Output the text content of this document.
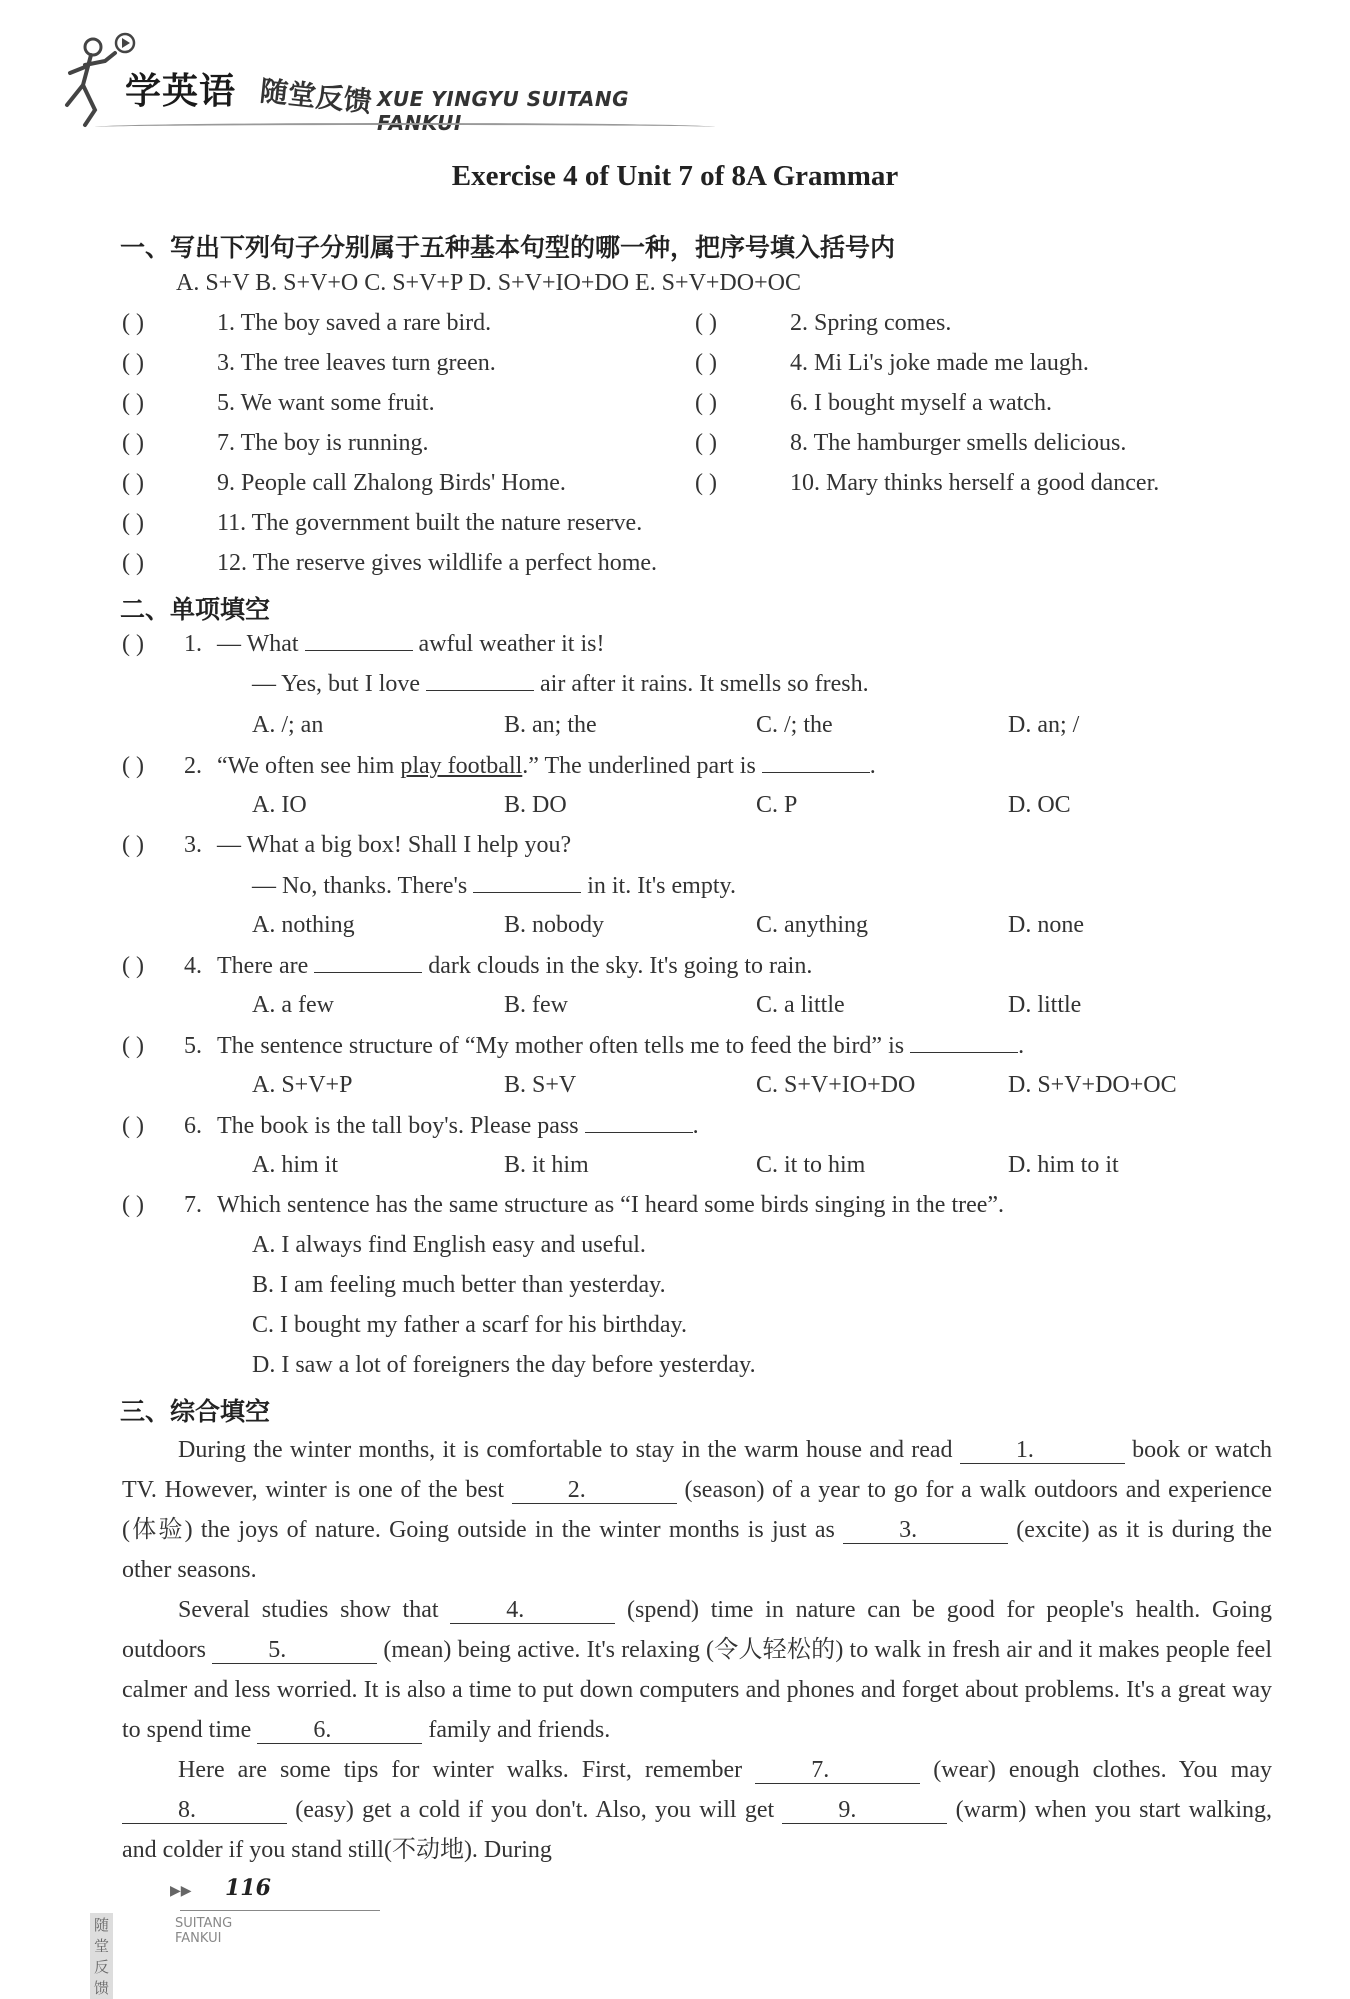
学英语 随堂反馈 XUE YINGYU SUITANG FANKUI
Exercise 4 of Unit 7 of 8A Grammar
一、写出下列句子分别属于五种基本句型的哪一种，把序号填入括号内
A. S+V B. S+V+O C. S+V+P D. S+V+IO+DO E. S+V+DO+OC
( )	1. The boy saved a rare bird.	( )	2. Spring comes.
( )	3. The tree leaves turn green.	( )	4. Mi Li's joke made me laugh.
( )	5. We want some fruit.	( )	6. I bought myself a watch.
( )	7. The boy is running.	( )	8. The hamburger smells delicious.
( )	9. People call Zhalong Birds' Home.	( )	10. Mary thinks herself a good dancer.
( )	11. The government built the nature reserve.
( )	12. The reserve gives wildlife a perfect home.
二、单项填空
( ) 1. — What	awful weather it is!
— Yes, but I love	air after it rains. It smells so fresh.
A. /; an	B. an; the	C. /; the	D. an; /
( ) 2. “We often see him play football.” The underlined part is	.
A. IO	B. DO	C. P	D. OC
( ) 3. — What a big box! Shall I help you?
— No, thanks. There's	in it. It's empty.
A. nothing	B. nobody	C. anything	D. none
( ) 4. There are	dark clouds in the sky. It's going to rain.
A. a few	B. few	C. a little	D. little
( ) 5. The sentence structure of “My mother often tells me to feed the bird” is	.
A. S+V+P	B. S+V	C. S+V+IO+DO	D. S+V+DO+OC
( ) 6. The book is the tall boy's. Please pass	.
A. him it	B. it him	C. it to him	D. him to it
( ) 7. Which sentence has the same structure as “I heard some birds singing in the tree”.
A. I always find English easy and useful.
B. I am feeling much better than yesterday.
C. I bought my father a scarf for his birthday.
D. I saw a lot of foreigners the day before yesterday.
三、综合填空
During the winter months, it is comfortable to stay in the warm house and read 1.	book or watch TV. However, winter is one of the best 2.	(season) of a year to go for a walk outdoors and experience (体验) the joys of nature. Going outside in the winter months is just as 3.	(excite) as it is during the other seasons.
Several studies show that 4.	(spend) time in nature can be good for people's health. Going outdoors 5.	(mean) being active. It's relaxing (令人轻松的) to walk in fresh air and it makes people feel calmer and less worried. It is also a time to put down computers and phones and forget about problems. It's a great way to spend time 6.	family and friends.
Here are some tips for winter walks. First, remember 7.	(wear) enough clothes. You may 8.	(easy) get a cold if you don't. Also, you will get 9.	(warm) when you start walking, and colder if you stand still(不动地). During
▶▶ 116
随堂反馈
SUITANG FANKUI
